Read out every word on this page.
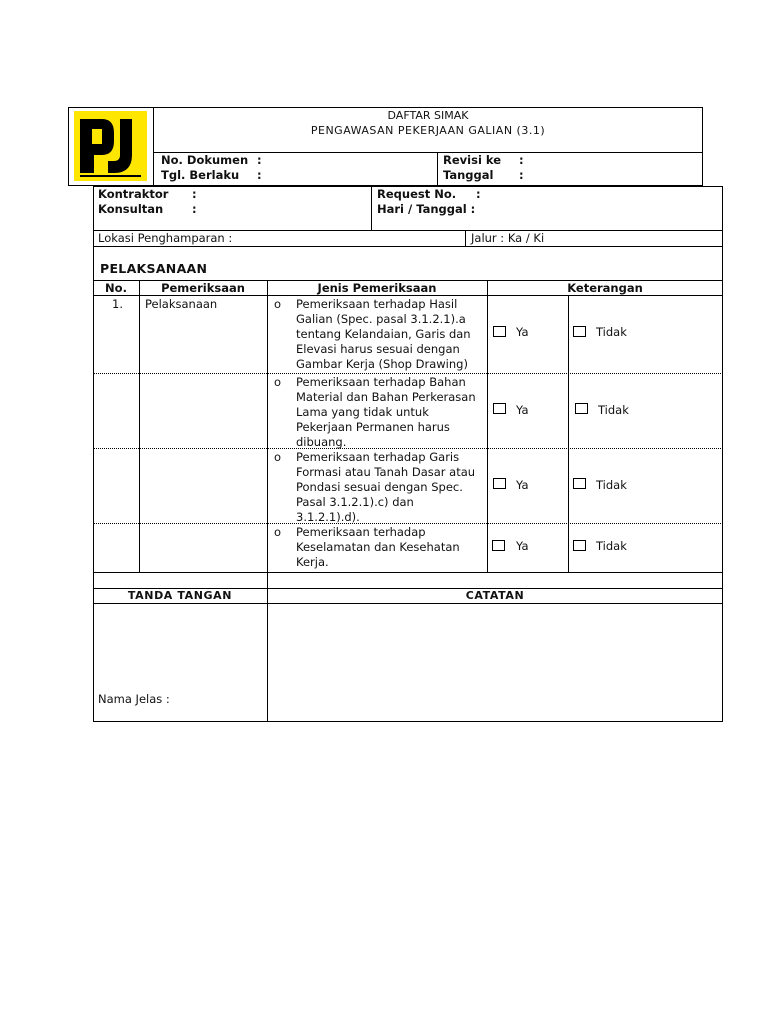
DAFTAR SIMAK
PENGAWASAN PEKERJAAN GALIAN (3.1)
No. Dokumen :
Tgl. Berlaku :
Revisi ke :
Tanggal :
Kontraktor :
Konsultan	:
Request No. :
Hari / Tanggal :
Lokasi Penghamparan :	Jalur : Ka / Ki
PELAKSANAAN
No.	Pemeriksaan	Jenis Pemeriksaan	Keterangan
1. Pelaksanaan	o Pemeriksaan terhadap Hasil
Galian (Spec. pasal 3.1.2.1).a
tentang Kelandaian, Garis dan
Elevasi harus sesuai dengan
Gambar Kerja (Shop Drawing)
Ya	Tidak
o Pemeriksaan terhadap Bahan
Material dan Bahan Perkerasan
Lama yang tidak untuk
Pekerjaan Permanen harus
dibuang.
Ya	Tidak
o Pemeriksaan terhadap Garis
Formasi atau Tanah Dasar atau
Pondasi sesuai dengan Spec.
Pasal 3.1.2.1).c) dan
3.1.2.1).d).
Ya	Tidak
o Pemeriksaan terhadap
Keselamatan dan Kesehatan
Kerja.
Ya	Tidak
TANDA TANGAN	CATATAN
Nama Jelas :
